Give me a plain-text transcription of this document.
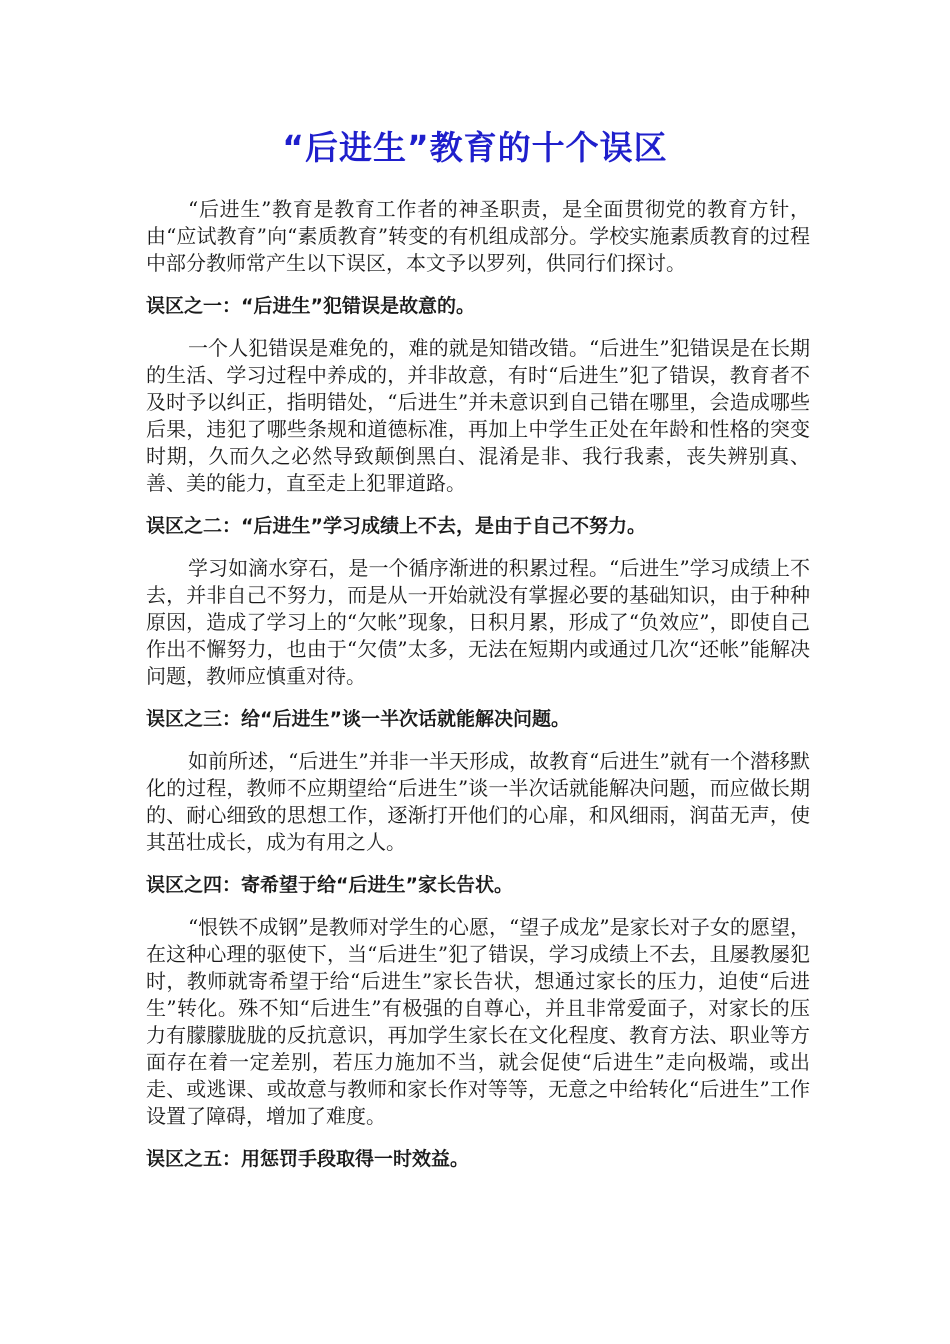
“后进生”教育的十个误区

“后进生”教育是教育工作者的神圣职责，是全面贯彻党的教育方针，由“应试教育”向“素质教育”转变的有机组成部分。学校实施素质教育的过程中部分教师常产生以下误区，本文予以罗列，供同行们探讨。

误区之一：“后进生”犯错误是故意的。

一个人犯错误是难免的，难的就是知错改错。“后进生”犯错误是在长期的生活、学习过程中养成的，并非故意，有时“后进生”犯了错误，教育者不及时予以纠正，指明错处，“后进生”并未意识到自己错在哪里，会造成哪些后果，违犯了哪些条规和道德标准，再加上中学生正处在年龄和性格的突变时期，久而久之必然导致颠倒黑白、混淆是非、我行我素，丧失辨别真、善、美的能力，直至走上犯罪道路。

误区之二：“后进生”学习成绩上不去，是由于自己不努力。

学习如滴水穿石，是一个循序渐进的积累过程。“后进生”学习成绩上不去，并非自己不努力，而是从一开始就没有掌握必要的基础知识，由于种种原因，造成了学习上的“欠帐”现象，日积月累，形成了“负效应”，即使自己作出不懈努力，也由于“欠债”太多，无法在短期内或通过几次“还帐”能解决问题，教师应慎重对待。

误区之三：给“后进生”谈一半次话就能解决问题。

如前所述，“后进生”并非一半天形成，故教育“后进生”就有一个潜移默化的过程，教师不应期望给“后进生”谈一半次话就能解决问题，而应做长期的、耐心细致的思想工作，逐渐打开他们的心扉，和风细雨，润苗无声，使其茁壮成长，成为有用之人。

误区之四：寄希望于给“后进生”家长告状。

“恨铁不成钢”是教师对学生的心愿，“望子成龙”是家长对子女的愿望，在这种心理的驱使下，当“后进生”犯了错误，学习成绩上不去，且屡教屡犯时，教师就寄希望于给“后进生”家长告状，想通过家长的压力，迫使“后进生”转化。殊不知“后进生”有极强的自尊心，并且非常爱面子，对家长的压力有朦朦胧胧的反抗意识，再加学生家长在文化程度、教育方法、职业等方面存在着一定差别，若压力施加不当，就会促使“后进生”走向极端，或出走、或逃课、或故意与教师和家长作对等等，无意之中给转化“后进生”工作设置了障碍，增加了难度。

误区之五：用惩罚手段取得一时效益。
